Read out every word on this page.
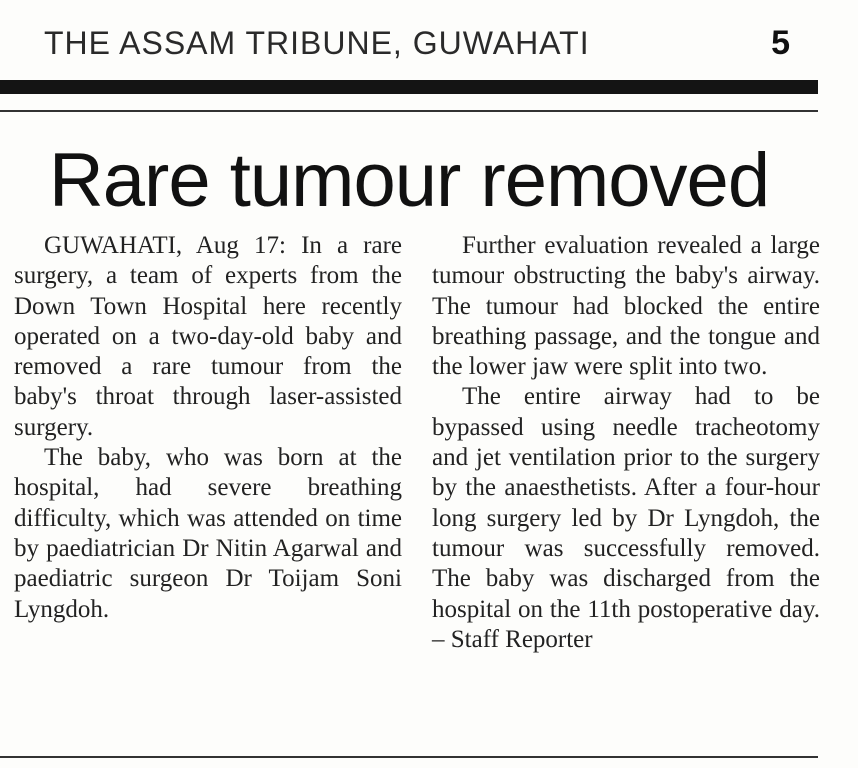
THE ASSAM TRIBUNE, GUWAHATI	5
Rare tumour removed

GUWAHATI, Aug 17: In a rare surgery, a team of experts from the Down Town Hospital here recently operated on a two-day-old baby and removed a rare tumour from the baby's throat through laser-assisted surgery.

The baby, who was born at the hospital, had severe breathing difficulty, which was attended on time by paediatrician Dr Nitin Agarwal and paediatric surgeon Dr Toijam Soni Lyngdoh.

Further evaluation revealed a large tumour obstructing the baby's airway. The tumour had blocked the entire breathing passage, and the tongue and the lower jaw were split into two.

The entire airway had to be bypassed using needle tracheotomy and jet ventilation prior to the surgery by the anaesthetists. After a four-hour long surgery led by Dr Lyngdoh, the tumour was successfully removed. The baby was discharged from the hospital on the 11th postoperative day. – Staff Reporter
